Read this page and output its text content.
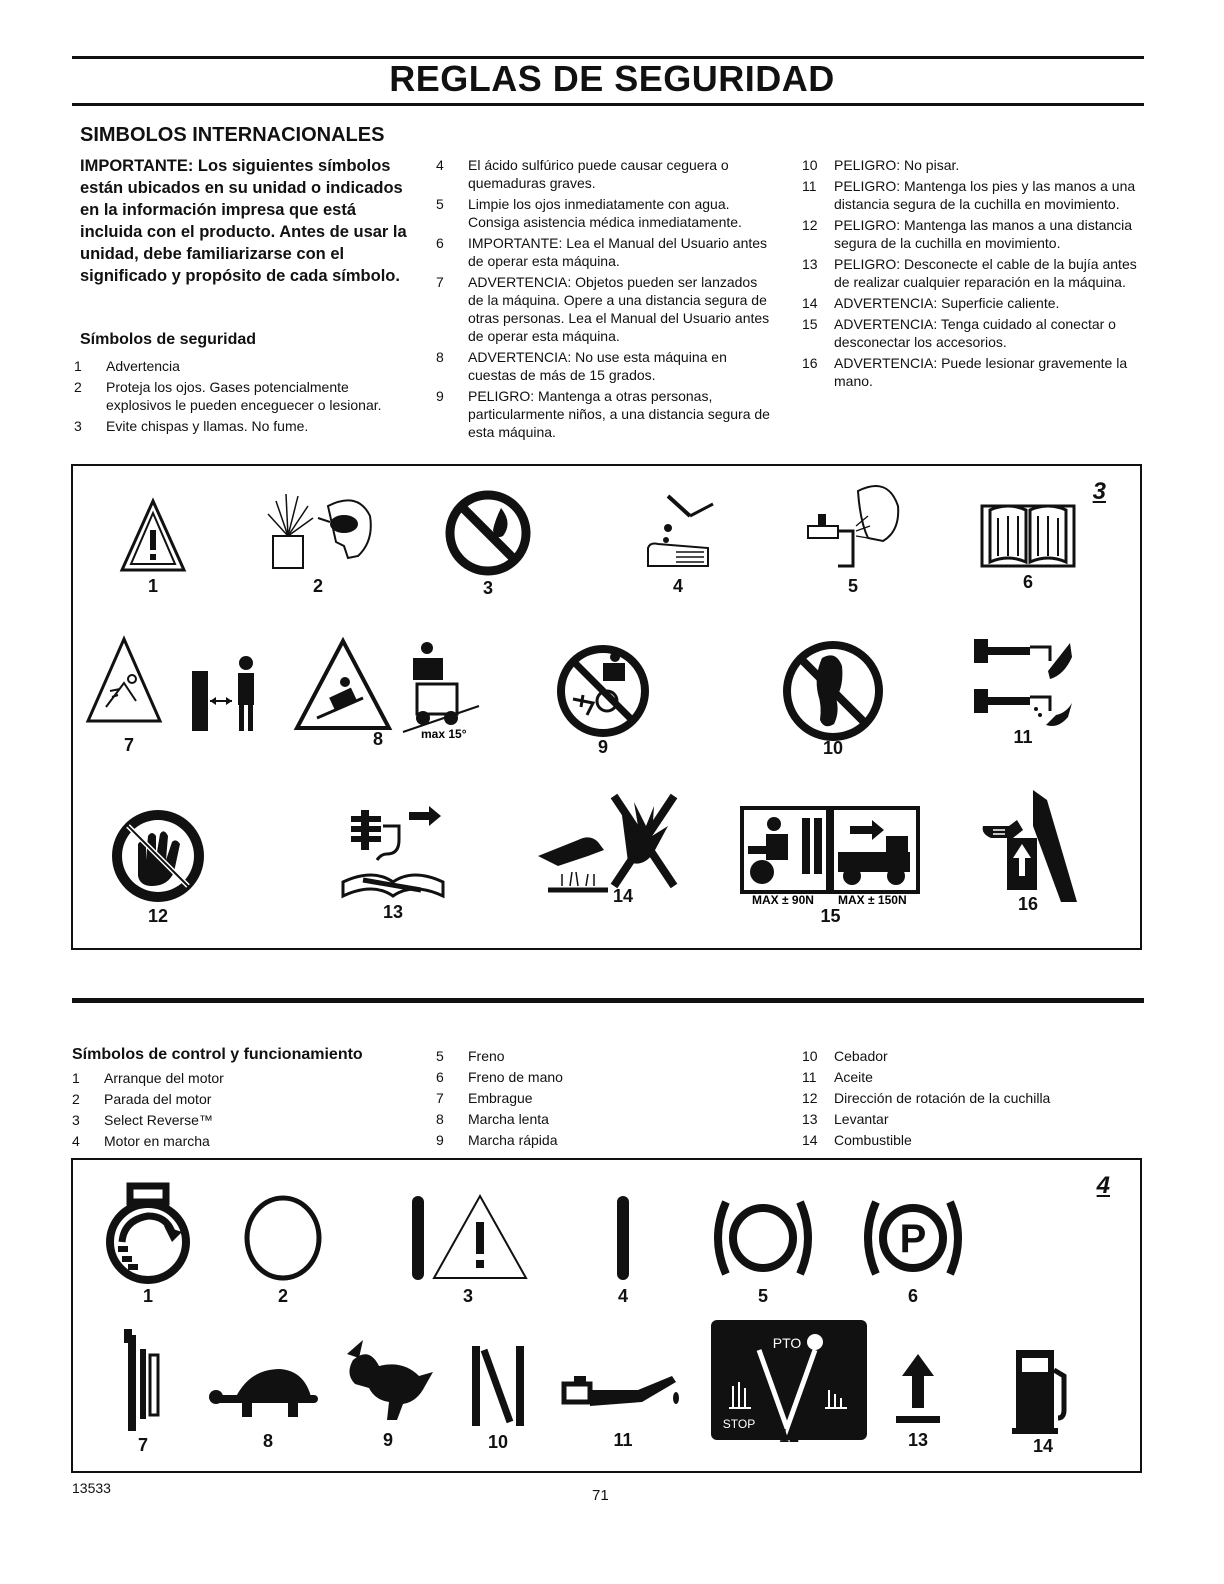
REGLAS DE SEGURIDAD
SIMBOLOS INTERNACIONALES
IMPORTANTE: Los siguientes símbolos están ubicados en su unidad o indicados en la información impresa que está incluida con el producto. Antes de usar la unidad, debe familiarizarse con el significado y propósito de cada símbolo.
Símbolos de seguridad
1	Advertencia
2	Proteja los ojos. Gases potencialmente explosivos le pueden enceguecer o lesionar.
3	Evite chispas y llamas. No fume.
4	El ácido sulfúrico puede causar ceguera o quemaduras graves.
5	Limpie los ojos inmediatamente con agua. Consiga asistencia médica inmediatamente.
6	IMPORTANTE: Lea el Manual del Usuario antes de operar esta máquina.
7	ADVERTENCIA: Objetos pueden ser lanzados de la máquina. Opere a una distancia segura de otras personas. Lea el Manual del Usuario antes de operar esta máquina.
8	ADVERTENCIA: No use esta máquina en cuestas de más de 15 grados.
9	PELIGRO: Mantenga a otras personas, particularmente niños, a una distancia segura de esta máquina.
10	PELIGRO: No pisar.
11	PELIGRO: Mantenga los pies y las manos a una distancia segura de la cuchilla en movimiento.
12	PELIGRO: Mantenga las manos a una distancia segura de la cuchilla en movimiento.
13	PELIGRO: Desconecte el cable de la bujía antes de realizar cualquier reparación en la máquina.
14	ADVERTENCIA: Superficie caliente.
15	ADVERTENCIA: Tenga cuidado al conectar o desconectar los accesorios.
16	ADVERTENCIA: Puede lesionar gravemente la mano.
3
1	2	3	4	5	6
7
max 15°
8	9	10
11
12	13
14	MAX ± 90N MAX ± 150N
15
16
Símbolos de control y funcionamiento
1	Arranque del motor
2	Parada del motor
3	Select Reverse™
4	Motor en marcha
5	Freno
6	Freno de mano
7	Embrague
8	Marcha lenta
9	Marcha rápida
10	Cebador
11	Aceite
12	Dirección de rotación de la cuchilla
13	Levantar
14	Combustible
4
1	2	3	4	5
P
6
7	8	9	10	11
PTO
STOP
12	13	14
13533	71
